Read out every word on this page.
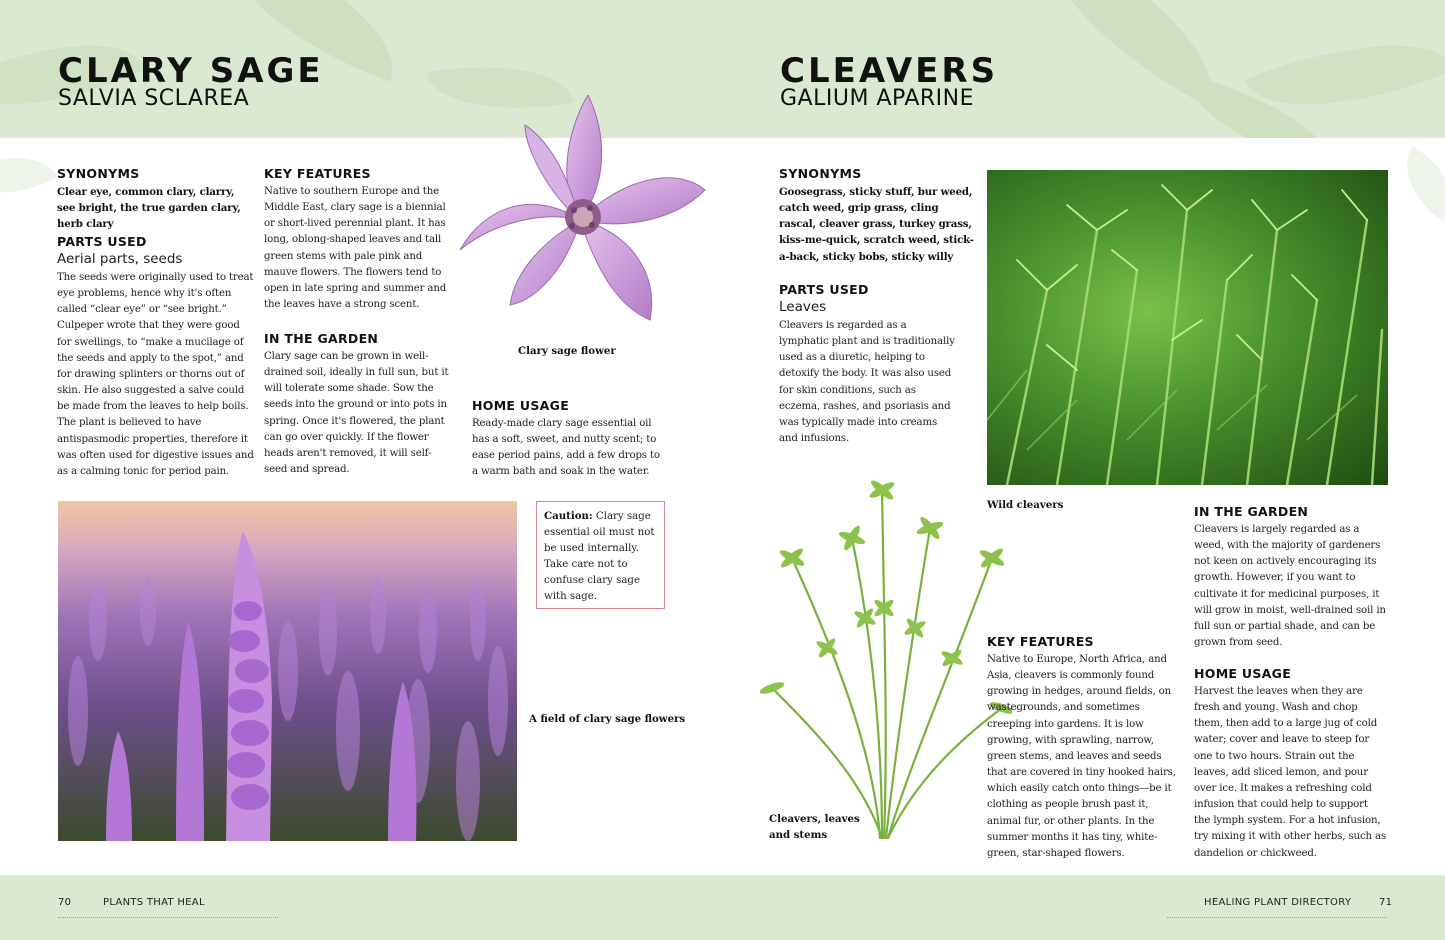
CLARY SAGE
SALVIA SCLAREA
SYNONYMS
Clear eye, common clary, clarry, see bright, the true garden clary, herb clary
PARTS USED
Aerial parts, seeds
The seeds were originally used to treat eye problems, hence why it's often called “clear eye” or “see bright.” Culpeper wrote that they were good for swellings, to “make a mucilage of the seeds and apply to the spot,” and for drawing splinters or thorns out of skin. He also suggested a salve could be made from the leaves to help boils. The plant is believed to have antispasmodic properties, therefore it was often used for digestive issues and as a calming tonic for period pain.
KEY FEATURES
Native to southern Europe and the Middle East, clary sage is a biennial or short-lived perennial plant. It has long, oblong-shaped leaves and tall green stems with pale pink and mauve flowers. The flowers tend to open in late spring and summer and the leaves have a strong scent.
IN THE GARDEN
Clary sage can be grown in well-drained soil, ideally in full sun, but it will tolerate some shade. Sow the seeds into the ground or into pots in spring. Once it's flowered, the plant can go over quickly. If the flower heads aren't removed, it will self-seed and spread.
HOME USAGE
Ready-made clary sage essential oil has a soft, sweet, and nutty scent; to ease period pains, add a few drops to a warm bath and soak in the water.
Clary sage flower
Caution: Clary sage essential oil must not be used internally. Take care not to confuse clary sage with sage.
A field of clary sage flowers
CLEAVERS
GALIUM APARINE
SYNONYMS
Goosegrass, sticky stuff, bur weed, catch weed, grip grass, cling rascal, cleaver grass, turkey grass, kiss-me-quick, scratch weed, stick-a-back, sticky bobs, sticky willy
PARTS USED
Leaves
Cleavers is regarded as a lymphatic plant and is traditionally used as a diuretic, helping to detoxify the body. It was also used for skin conditions, such as eczema, rashes, and psoriasis and was typically made into creams and infusions.
Wild cleavers
Cleavers, leaves and stems
KEY FEATURES
Native to Europe, North Africa, and Asia, cleavers is commonly found growing in hedges, around fields, on wastegrounds, and sometimes creeping into gardens. It is low growing, with sprawling, narrow, green stems, and leaves and seeds that are covered in tiny hooked hairs, which easily catch onto things—be it clothing as people brush past it, animal fur, or other plants. In the summer months it has tiny, white-green, star-shaped flowers.
IN THE GARDEN
Cleavers is largely regarded as a weed, with the majority of gardeners not keen on actively encouraging its growth. However, if you want to cultivate it for medicinal purposes, it will grow in moist, well-drained soil in full sun or partial shade, and can be grown from seed.
HOME USAGE
Harvest the leaves when they are fresh and young. Wash and chop them, then add to a large jug of cold water; cover and leave to steep for one to two hours. Strain out the leaves, add sliced lemon, and pour over ice. It makes a refreshing cold infusion that could help to support the lymph system. For a hot infusion, try mixing it with other herbs, such as dandelion or chickweed.
70	PLANTS THAT HEAL	HEALING PLANT DIRECTORY	71
